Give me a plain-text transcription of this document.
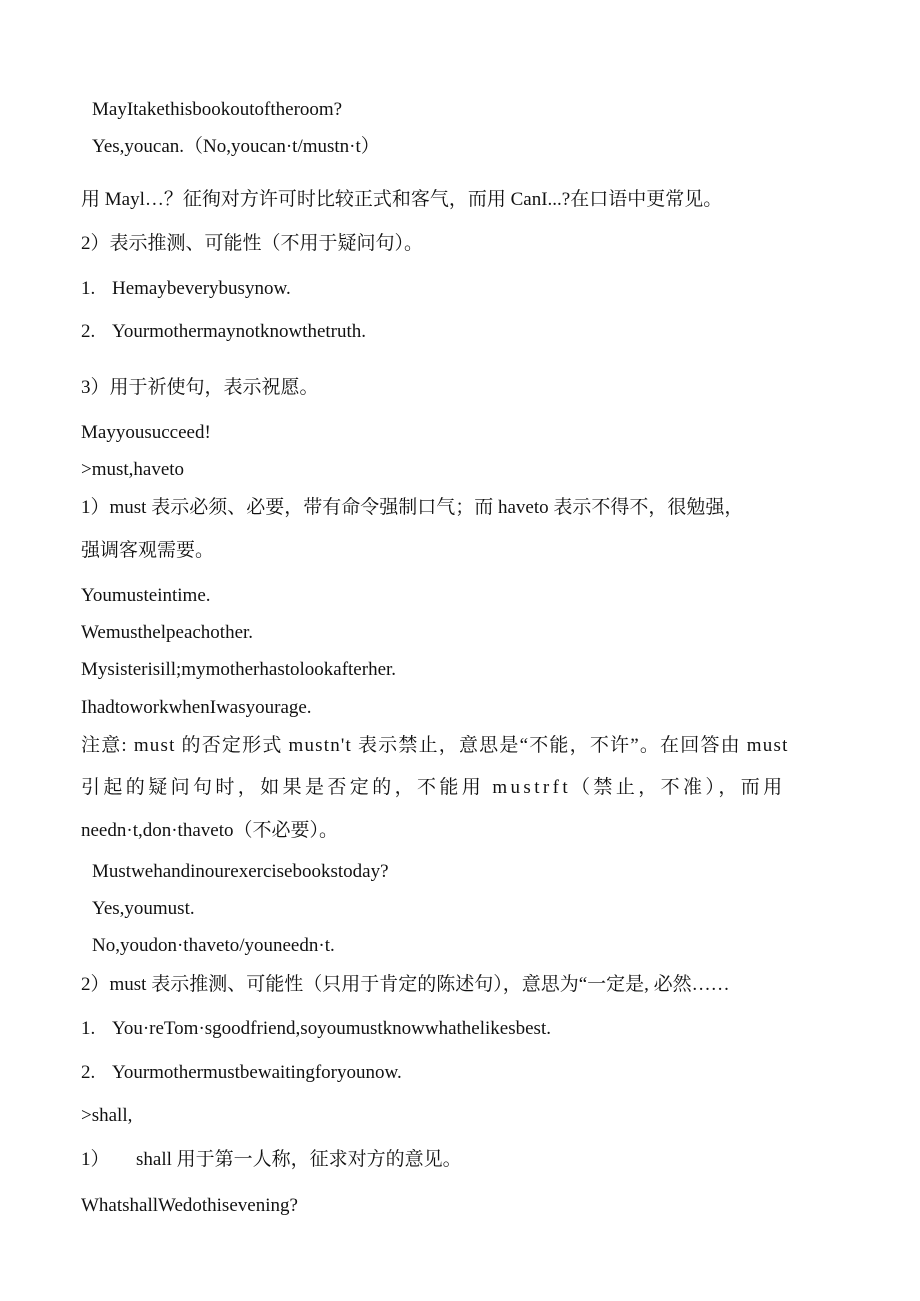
MayItakethisbookoutoftheroom?
Yes,youcan.（No,youcan·t/mustn·t）
用 Mayl…？征徇对方许可时比较正式和客气，而用 CanI...?在口语中更常见。
2）表示推测、可能性（不用于疑问句）。
1. Hemaybeverybusynow.
2. Yourmothermaynotknowthetruth.
3）用于祈使句，表示祝愿。
Mayyousucceed!
>must,haveto
1）must 表示必须、必要，带有命令强制口气；而 haveto 表示不得不，很勉强，
强调客观需要。
Youmusteintime.
Wemusthelpeachother.
Mysisterisill;mymotherhastolookafterher.
IhadtoworkwhenIwasyourage.
注意: must 的否定形式 mustn't 表示禁止，意思是“不能，不许”。在回答由 must
引起的疑问句时，如果是否定的，不能用 mustrft（禁止，不准），而用
needn·t,don·thaveto（不必要）。
Mustwehandinourexercisebookstoday?
Yes,youmust.
No,youdon·thaveto/youneedn·t.
2）must 表示推测、可能性（只用于肯定的陈述句），意思为“一定是, 必然……
1. You·reTom·sgoodfriend,soyoumustknowwhathelikesbest.
2. Yourmothermustbewaitingforyounow.
>shall,
1） shall 用于第一人称，征求对方的意见。
WhatshallWedothisevening?
